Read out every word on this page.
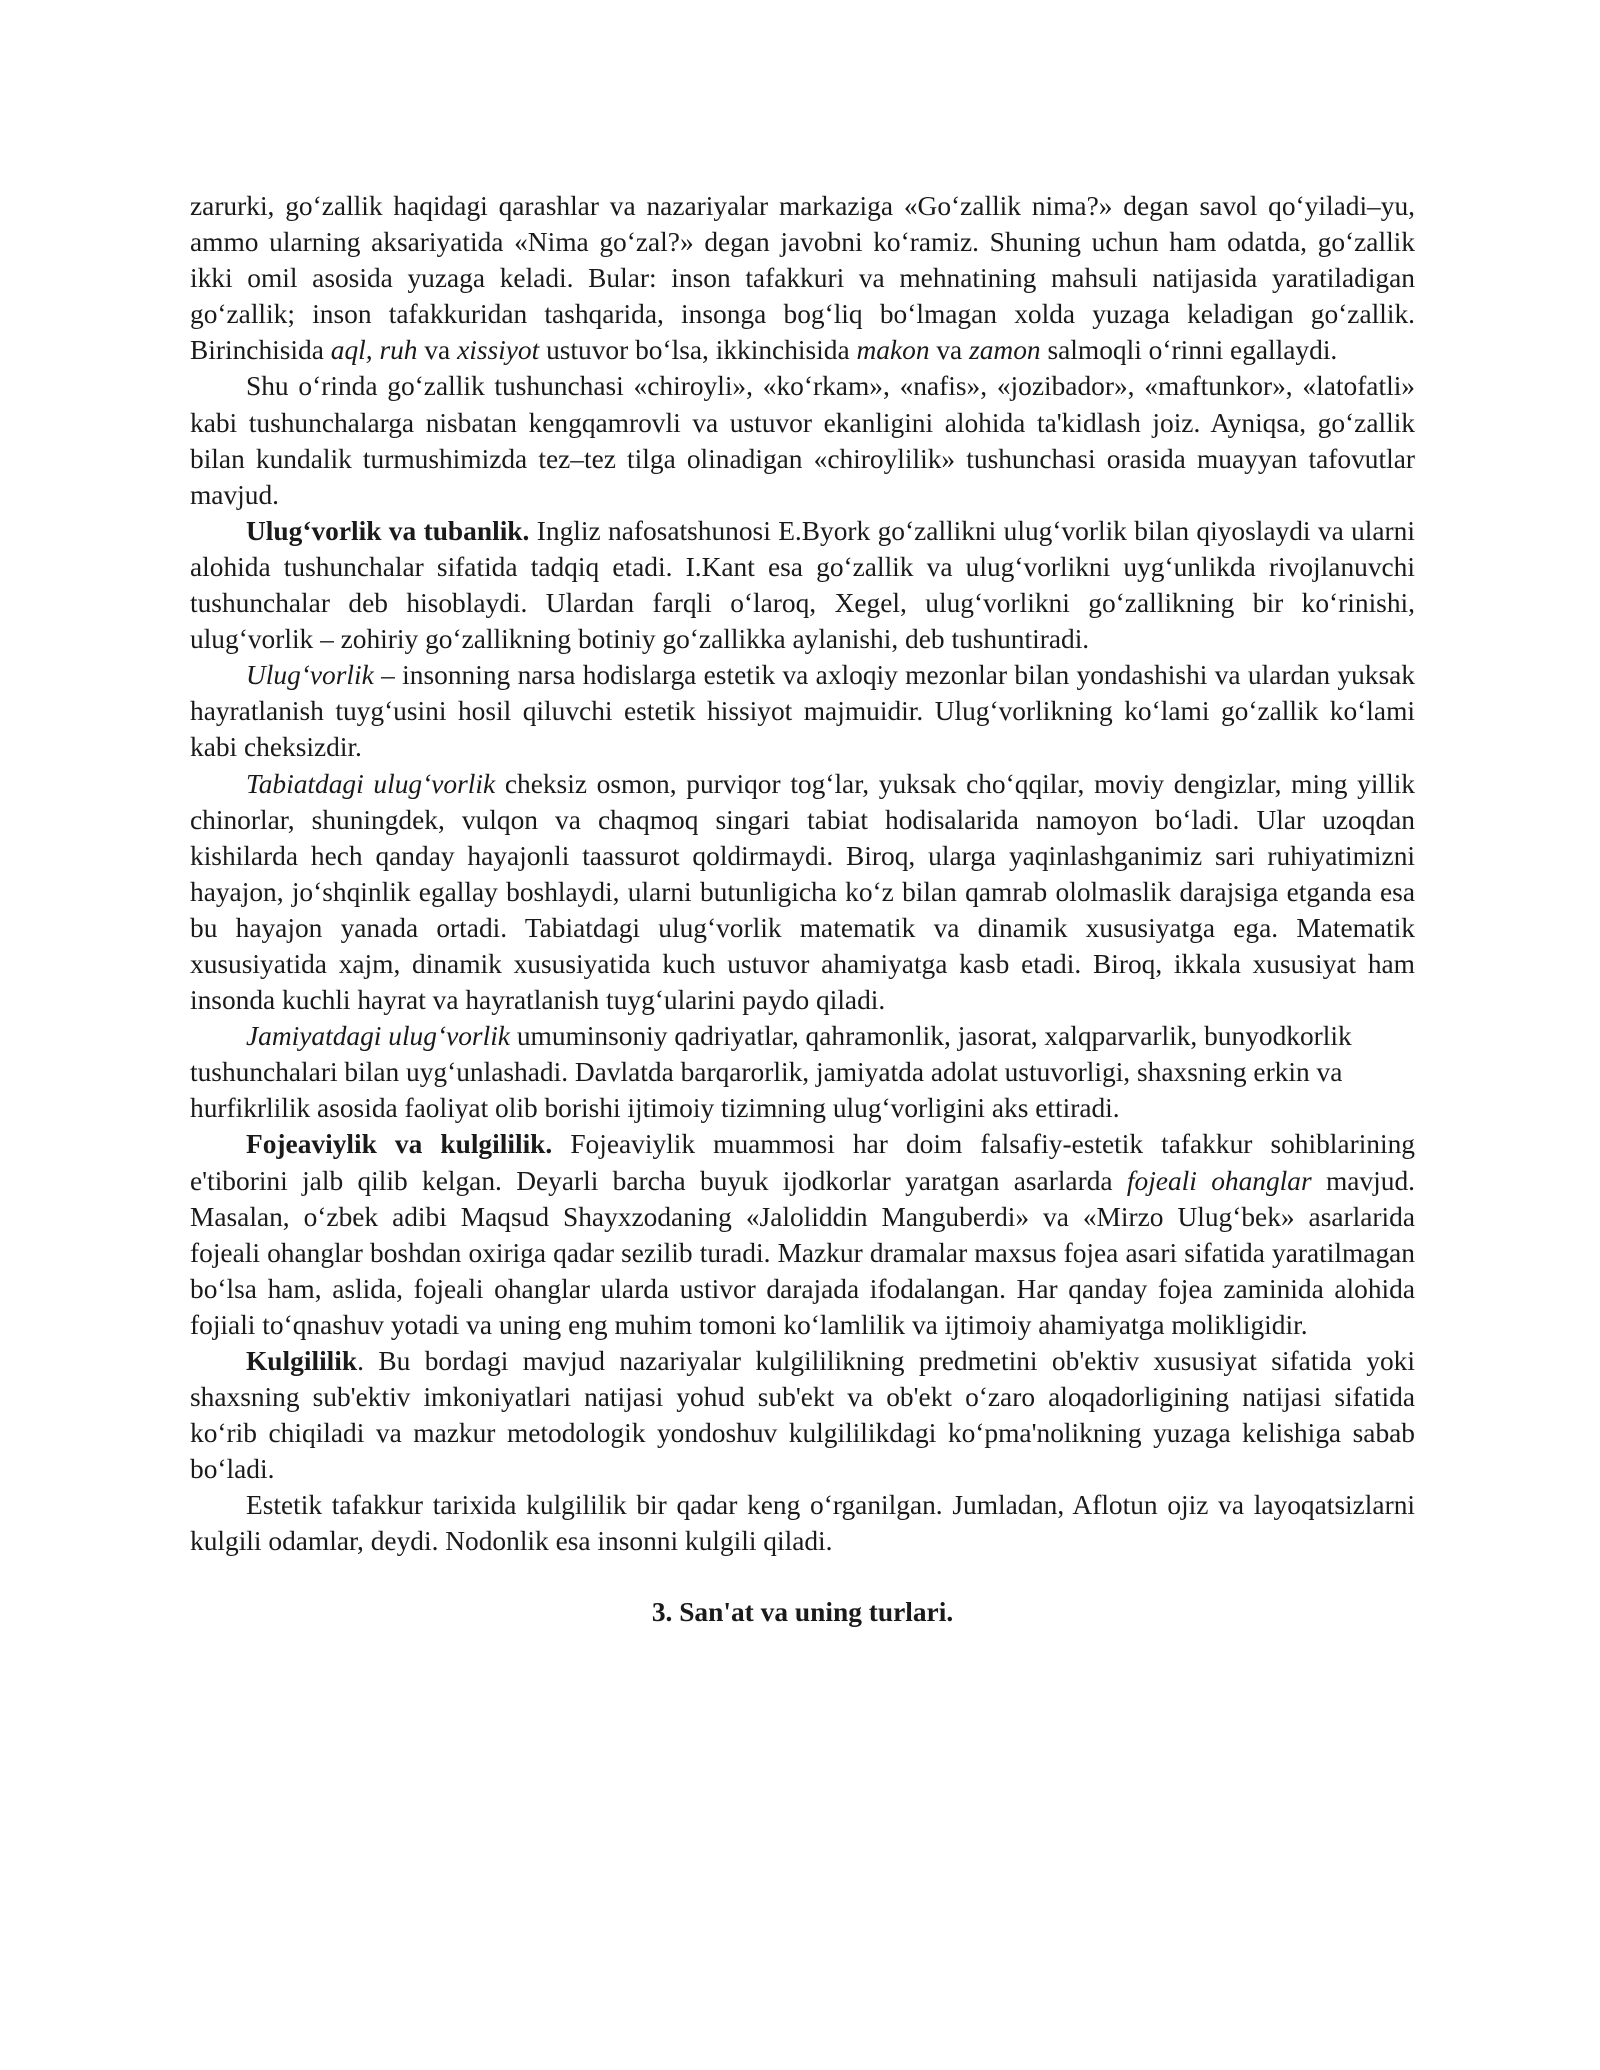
zarurki, go‘zallik haqidagi qarashlar va nazariyalar markaziga «Go‘zallik nima?» degan savol qo‘yiladi–yu, ammo ularning aksariyatida «Nima go‘zal?» degan javobni ko‘ramiz. Shuning uchun ham odatda, go‘zallik ikki omil asosida yuzaga keladi. Bular: inson tafakkuri va mehnatining mahsuli natijasida yaratiladigan go‘zallik; inson tafakkuridan tashqarida, insonga bog‘liq bo‘lmagan xolda yuzaga keladigan go‘zallik. Birinchisida aql, ruh va xissiyot ustuvor bo‘lsa, ikkinchisida makon va zamon salmoqli o‘rinni egallaydi.

Shu o‘rinda go‘zallik tushunchasi «chiroyli», «ko‘rkam», «nafis», «jozibador», «maftunkor», «latofatli» kabi tushunchalarga nisbatan kengqamrovli va ustuvor ekanligini alohida ta'kidlash joiz. Ayniqsa, go‘zallik bilan kundalik turmushimizda tez–tez tilga olinadigan «chiroylilik» tushunchasi orasida muayyan tafovutlar mavjud.

Ulug‘vorlik va tubanlik. Ingliz nafosatshunosi E.Byork go‘zallikni ulug‘vorlik bilan qiyoslaydi va ularni alohida tushunchalar sifatida tadqiq etadi. I.Kant esa go‘zallik va ulug‘vorlikni uyg‘unlikda rivojlanuvchi tushunchalar deb hisoblaydi. Ulardan farqli o‘laroq, Xegel, ulug‘vorlikni go‘zallikning bir ko‘rinishi, ulug‘vorlik – zohiriy go‘zallikning botiniy go‘zallikka aylanishi, deb tushuntiradi.

Ulug‘vorlik – insonning narsa hodislarga estetik va axloqiy mezonlar bilan yondashishi va ulardan yuksak hayratlanish tuyg‘usini hosil qiluvchi estetik hissiyot majmuidir. Ulug‘vorlikning ko‘lami go‘zallik ko‘lami kabi cheksizdir.

Tabiatdagi ulug‘vorlik cheksiz osmon, purviqor tog‘lar, yuksak cho‘qqilar, moviy dengizlar, ming yillik chinorlar, shuningdek, vulqon va chaqmoq singari tabiat hodisalarida namoyon bo‘ladi. Ular uzoqdan kishilarda hech qanday hayajonli taassurot qoldirmaydi. Biroq, ularga yaqinlashganimiz sari ruhiyatimizni hayajon, jo‘shqinlik egallay boshlaydi, ularni butunligicha ko‘z bilan qamrab ololmaslik darajsiga etganda esa bu hayajon yanada ortadi. Tabiatdagi ulug‘vorlik matematik va dinamik xususiyatga ega. Matematik xususiyatida xajm, dinamik xususiyatida kuch ustuvor ahamiyatga kasb etadi. Biroq, ikkala xususiyat ham insonda kuchli hayrat va hayratlanish tuyg‘ularini paydo qiladi.

Jamiyatdagi ulug‘vorlik umuminsoniy qadriyatlar, qahramonlik, jasorat, xalqparvarlik, bunyodkorlik tushunchalari bilan uyg‘unlashadi. Davlatda barqarorlik, jamiyatda adolat ustuvorligi, shaxsning erkin va hurfikrlilik asosida faoliyat olib borishi ijtimoiy tizimning ulug‘vorligini aks ettiradi.

Fojeaviylik va kulgililik. Fojeaviylik muammosi har doim falsafiy-estetik tafakkur sohiblarining e'tiborini jalb qilib kelgan. Deyarli barcha buyuk ijodkorlar yaratgan asarlarda fojeali ohanglar mavjud. Masalan, o‘zbek adibi Maqsud Shayxzodaning «Jaloliddin Manguberdi» va «Mirzo Ulug‘bek» asarlarida fojeali ohanglar boshdan oxiriga qadar sezilib turadi. Mazkur dramalar maxsus fojea asari sifatida yaratilmagan bo‘lsa ham, aslida, fojeali ohanglar ularda ustivor darajada ifodalangan. Har qanday fojea zaminida alohida fojiali to‘qnashuv yotadi va uning eng muhim tomoni ko‘lamlilik va ijtimoiy ahamiyatga molikligidir.

Kulgililik. Bu bordagi mavjud nazariyalar kulgililikning predmetini ob'ektiv xususiyat sifatida yoki shaxsning sub'ektiv imkoniyatlari natijasi yohud sub'ekt va ob'ekt o‘zaro aloqadorligining natijasi sifatida ko‘rib chiqiladi va mazkur metodologik yondoshuv kulgililikdagi ko‘pma'nolikning yuzaga kelishiga sabab bo‘ladi.

Estetik tafakkur tarixida kulgililik bir qadar keng o‘rganilgan. Jumladan, Aflotun ojiz va layoqatsizlarni kulgili odamlar, deydi. Nodonlik esa insonni kulgili qiladi.

3. San'at va uning turlari.
